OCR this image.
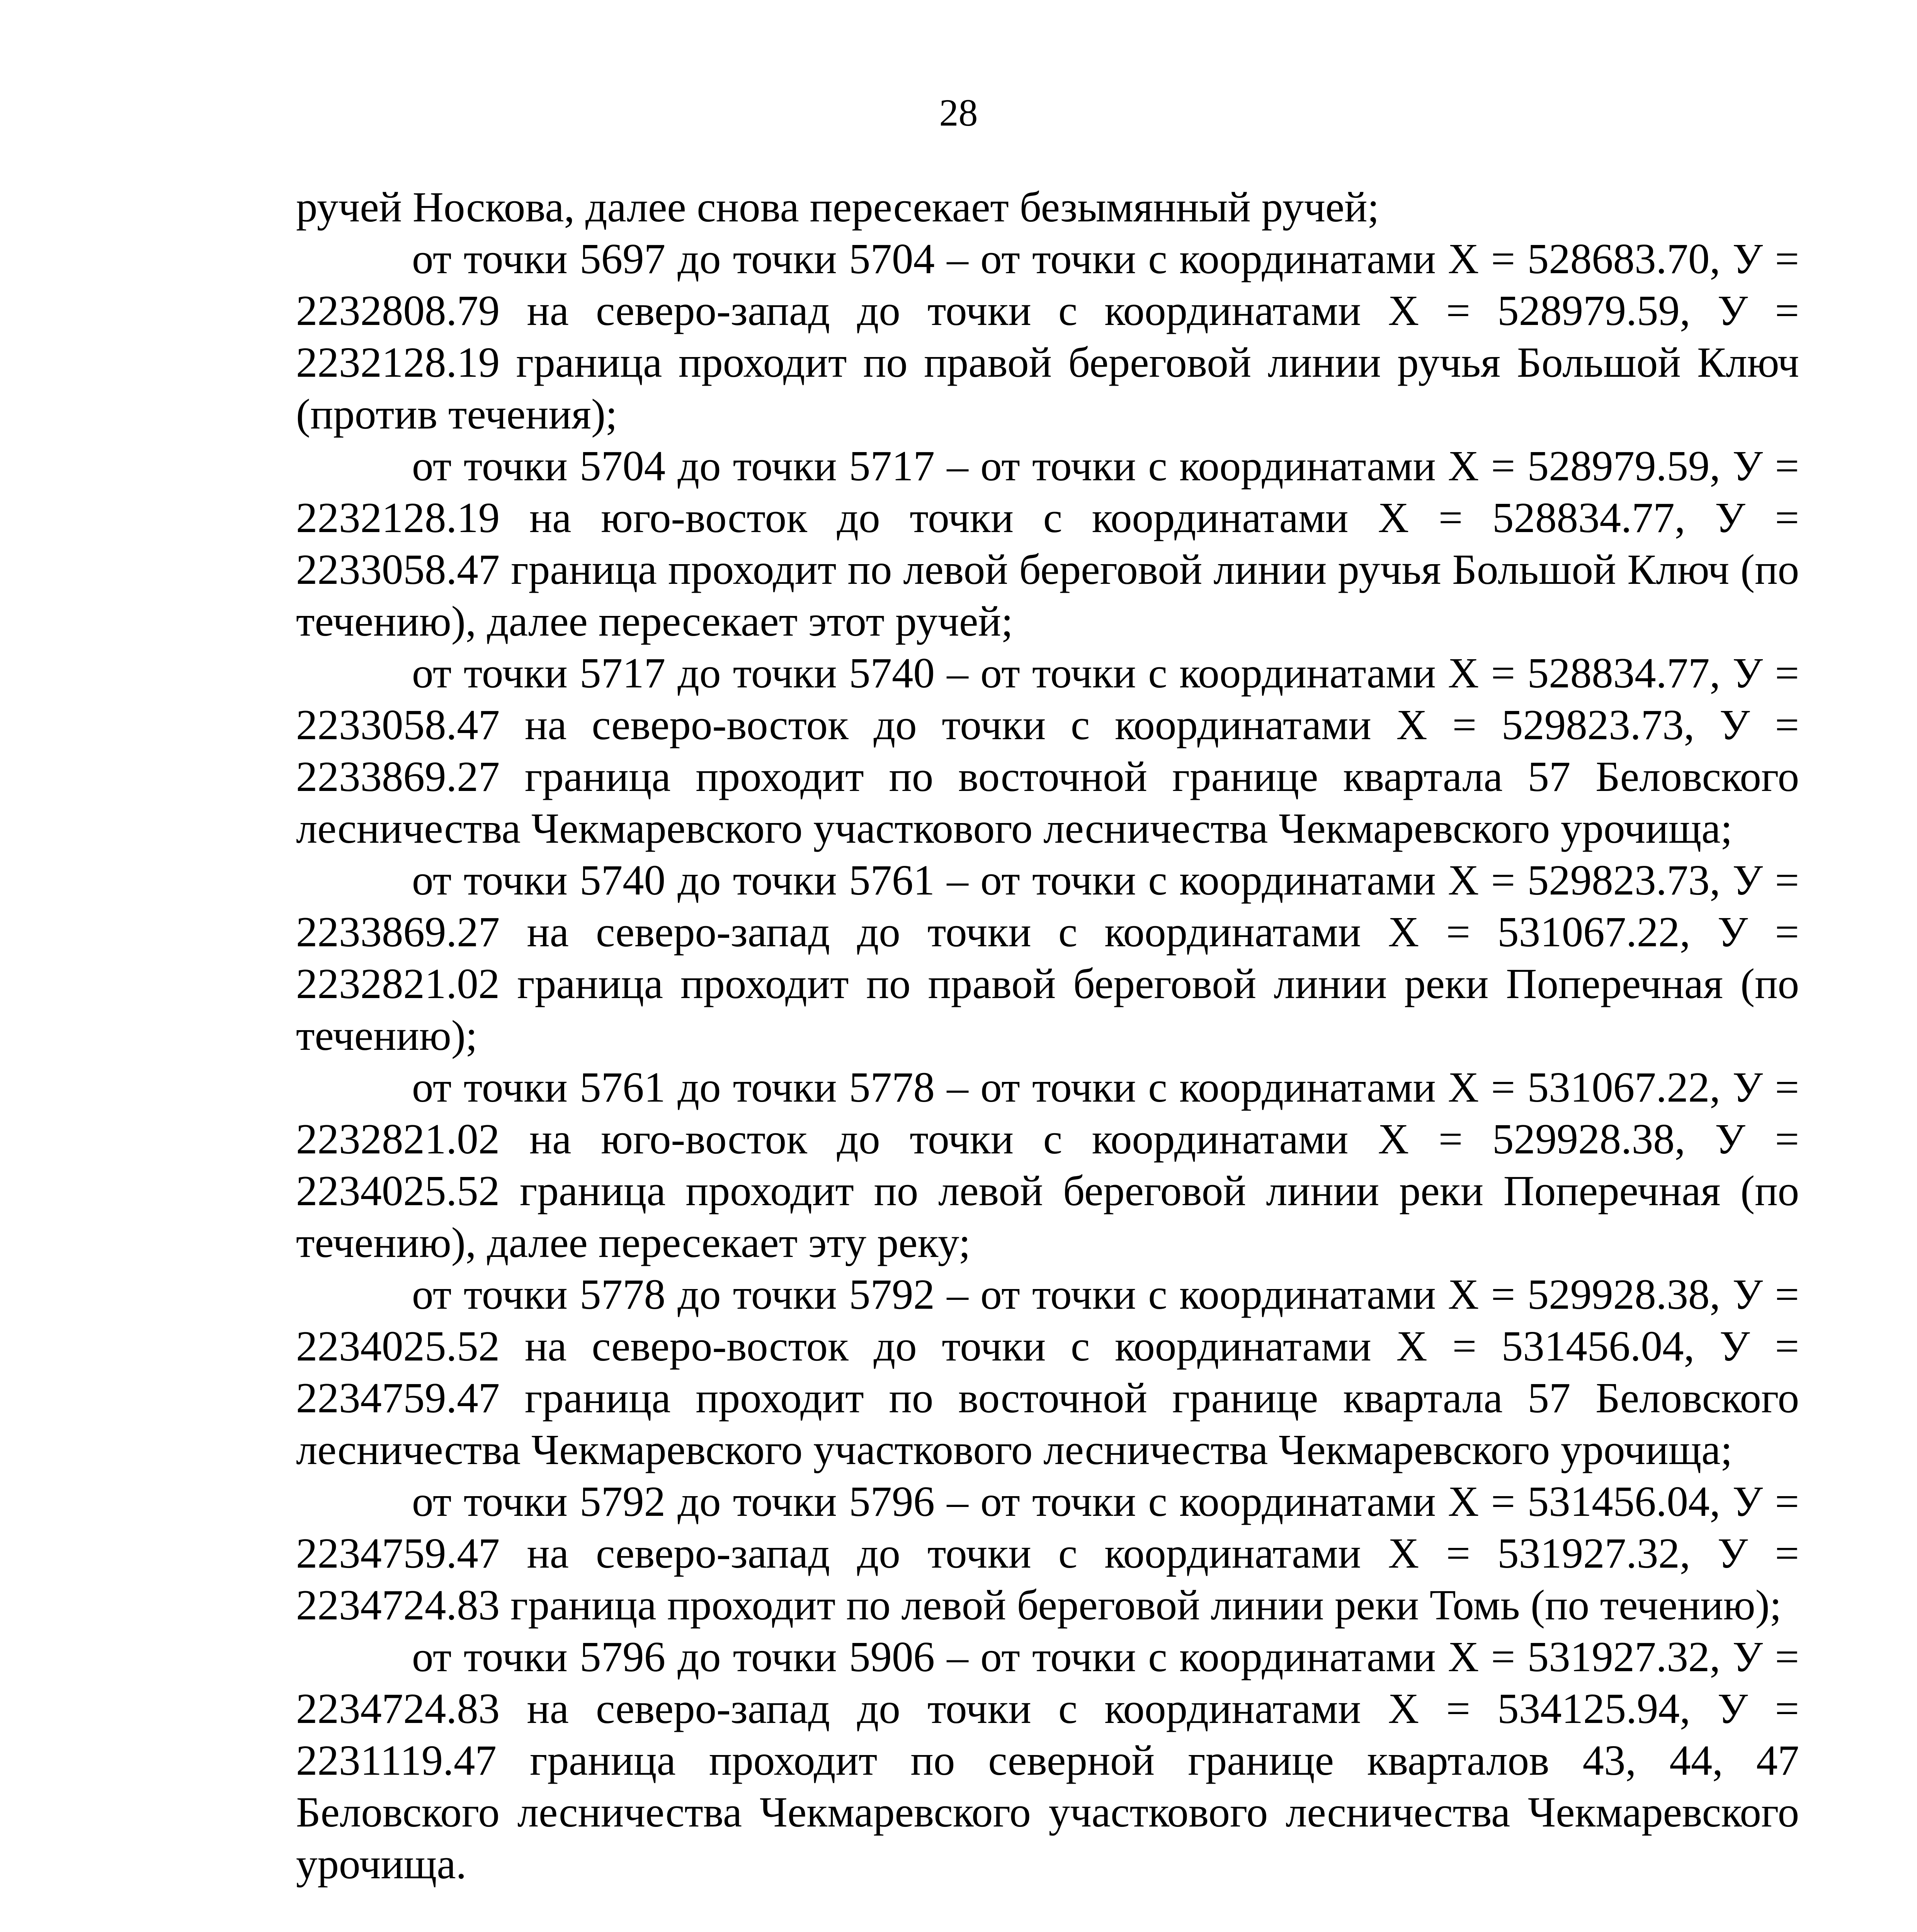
28

ручей Носкова, далее снова пересекает безымянный ручей;

от точки 5697 до точки 5704 – от точки с координатами Х = 528683.70, У = 2232808.79 на северо-запад до точки с координатами Х = 528979.59, У = 2232128.19 граница проходит по правой береговой линии ручья Большой Ключ (против течения);

от точки 5704 до точки 5717 – от точки с координатами Х = 528979.59, У = 2232128.19 на юго-восток до точки с координатами Х = 528834.77, У = 2233058.47 граница проходит по левой береговой линии ручья Большой Ключ (по течению), далее пересекает этот ручей;

от точки 5717 до точки 5740 – от точки с координатами Х = 528834.77, У = 2233058.47 на северо-восток до точки с координатами Х = 529823.73, У = 2233869.27 граница проходит по восточной границе квартала 57 Беловского лесничества Чекмаревского участкового лесничества Чекмаревского урочища;

от точки 5740 до точки 5761 – от точки с координатами Х = 529823.73, У = 2233869.27 на северо-запад до точки с координатами Х = 531067.22, У = 2232821.02 граница проходит по правой береговой линии реки Поперечная (по течению);

от точки 5761 до точки 5778 – от точки с координатами Х = 531067.22, У = 2232821.02 на юго-восток до точки с координатами Х = 529928.38, У = 2234025.52 граница проходит по левой береговой линии реки Поперечная (по течению), далее пересекает эту реку;

от точки 5778 до точки 5792 – от точки с координатами Х = 529928.38, У = 2234025.52 на северо-восток до точки с координатами Х = 531456.04, У = 2234759.47 граница проходит по восточной границе квартала 57 Беловского лесничества Чекмаревского участкового лесничества Чекмаревского урочища;

от точки 5792 до точки 5796 – от точки с координатами Х = 531456.04, У = 2234759.47 на северо-запад до точки с координатами Х = 531927.32, У = 2234724.83 граница проходит по левой береговой линии реки Томь (по течению);

от точки 5796 до точки 5906 – от точки с координатами Х = 531927.32, У = 2234724.83 на северо-запад до точки с координатами Х = 534125.94, У = 2231119.47 граница проходит по северной границе кварталов 43, 44, 47 Беловского лесничества Чекмаревского участкового лесничества Чекмаревского урочища.
